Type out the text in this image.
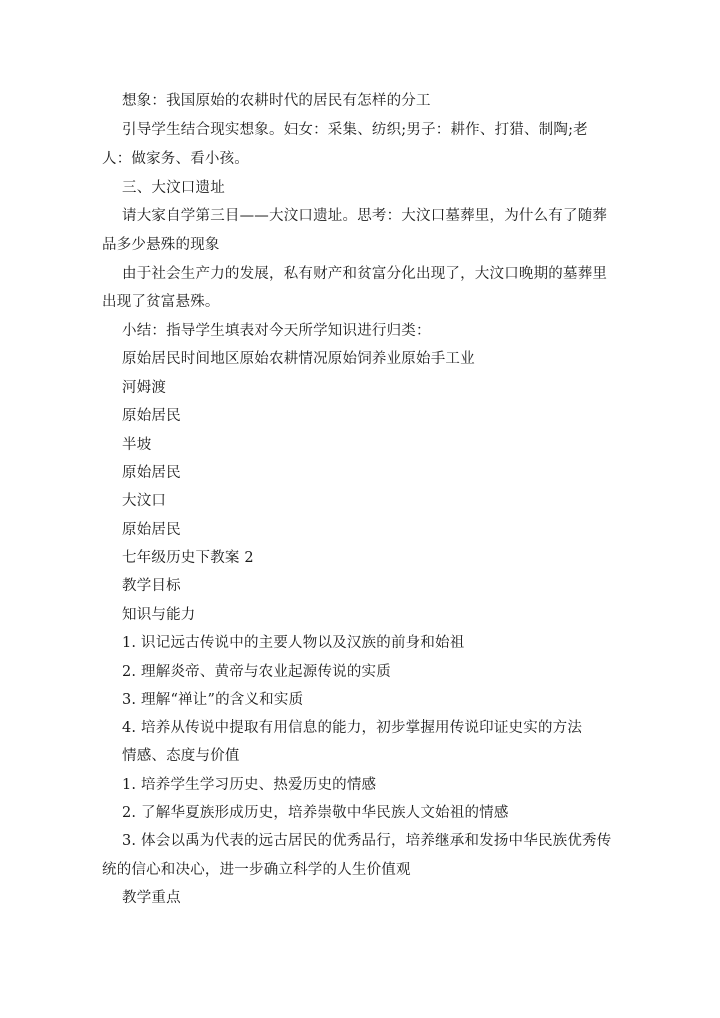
想象：我国原始的农耕时代的居民有怎样的分工
引导学生结合现实想象。妇女：采集、纺织;男子：耕作、打猎、制陶;老
人：做家务、看小孩。
三、大汶口遗址
请大家自学第三目——大汶口遗址。思考：大汶口墓葬里，为什么有了随葬
品多少悬殊的现象
由于社会生产力的发展，私有财产和贫富分化出现了，大汶口晚期的墓葬里
出现了贫富悬殊。
小结：指导学生填表对今天所学知识进行归类：
原始居民时间地区原始农耕情况原始饲养业原始手工业
河姆渡
原始居民
半坡
原始居民
大汶口
原始居民
七年级历史下教案 2
教学目标
知识与能力
1. 识记远古传说中的主要人物以及汉族的前身和始祖
2. 理解炎帝、黄帝与农业起源传说的实质
3. 理解“禅让”的含义和实质
4. 培养从传说中提取有用信息的能力，初步掌握用传说印证史实的方法
情感、态度与价值
1. 培养学生学习历史、热爱历史的情感
2. 了解华夏族形成历史，培养崇敬中华民族人文始祖的情感
3. 体会以禹为代表的远古居民的优秀品行，培养继承和发扬中华民族优秀传
统的信心和决心，进一步确立科学的人生价值观
教学重点
